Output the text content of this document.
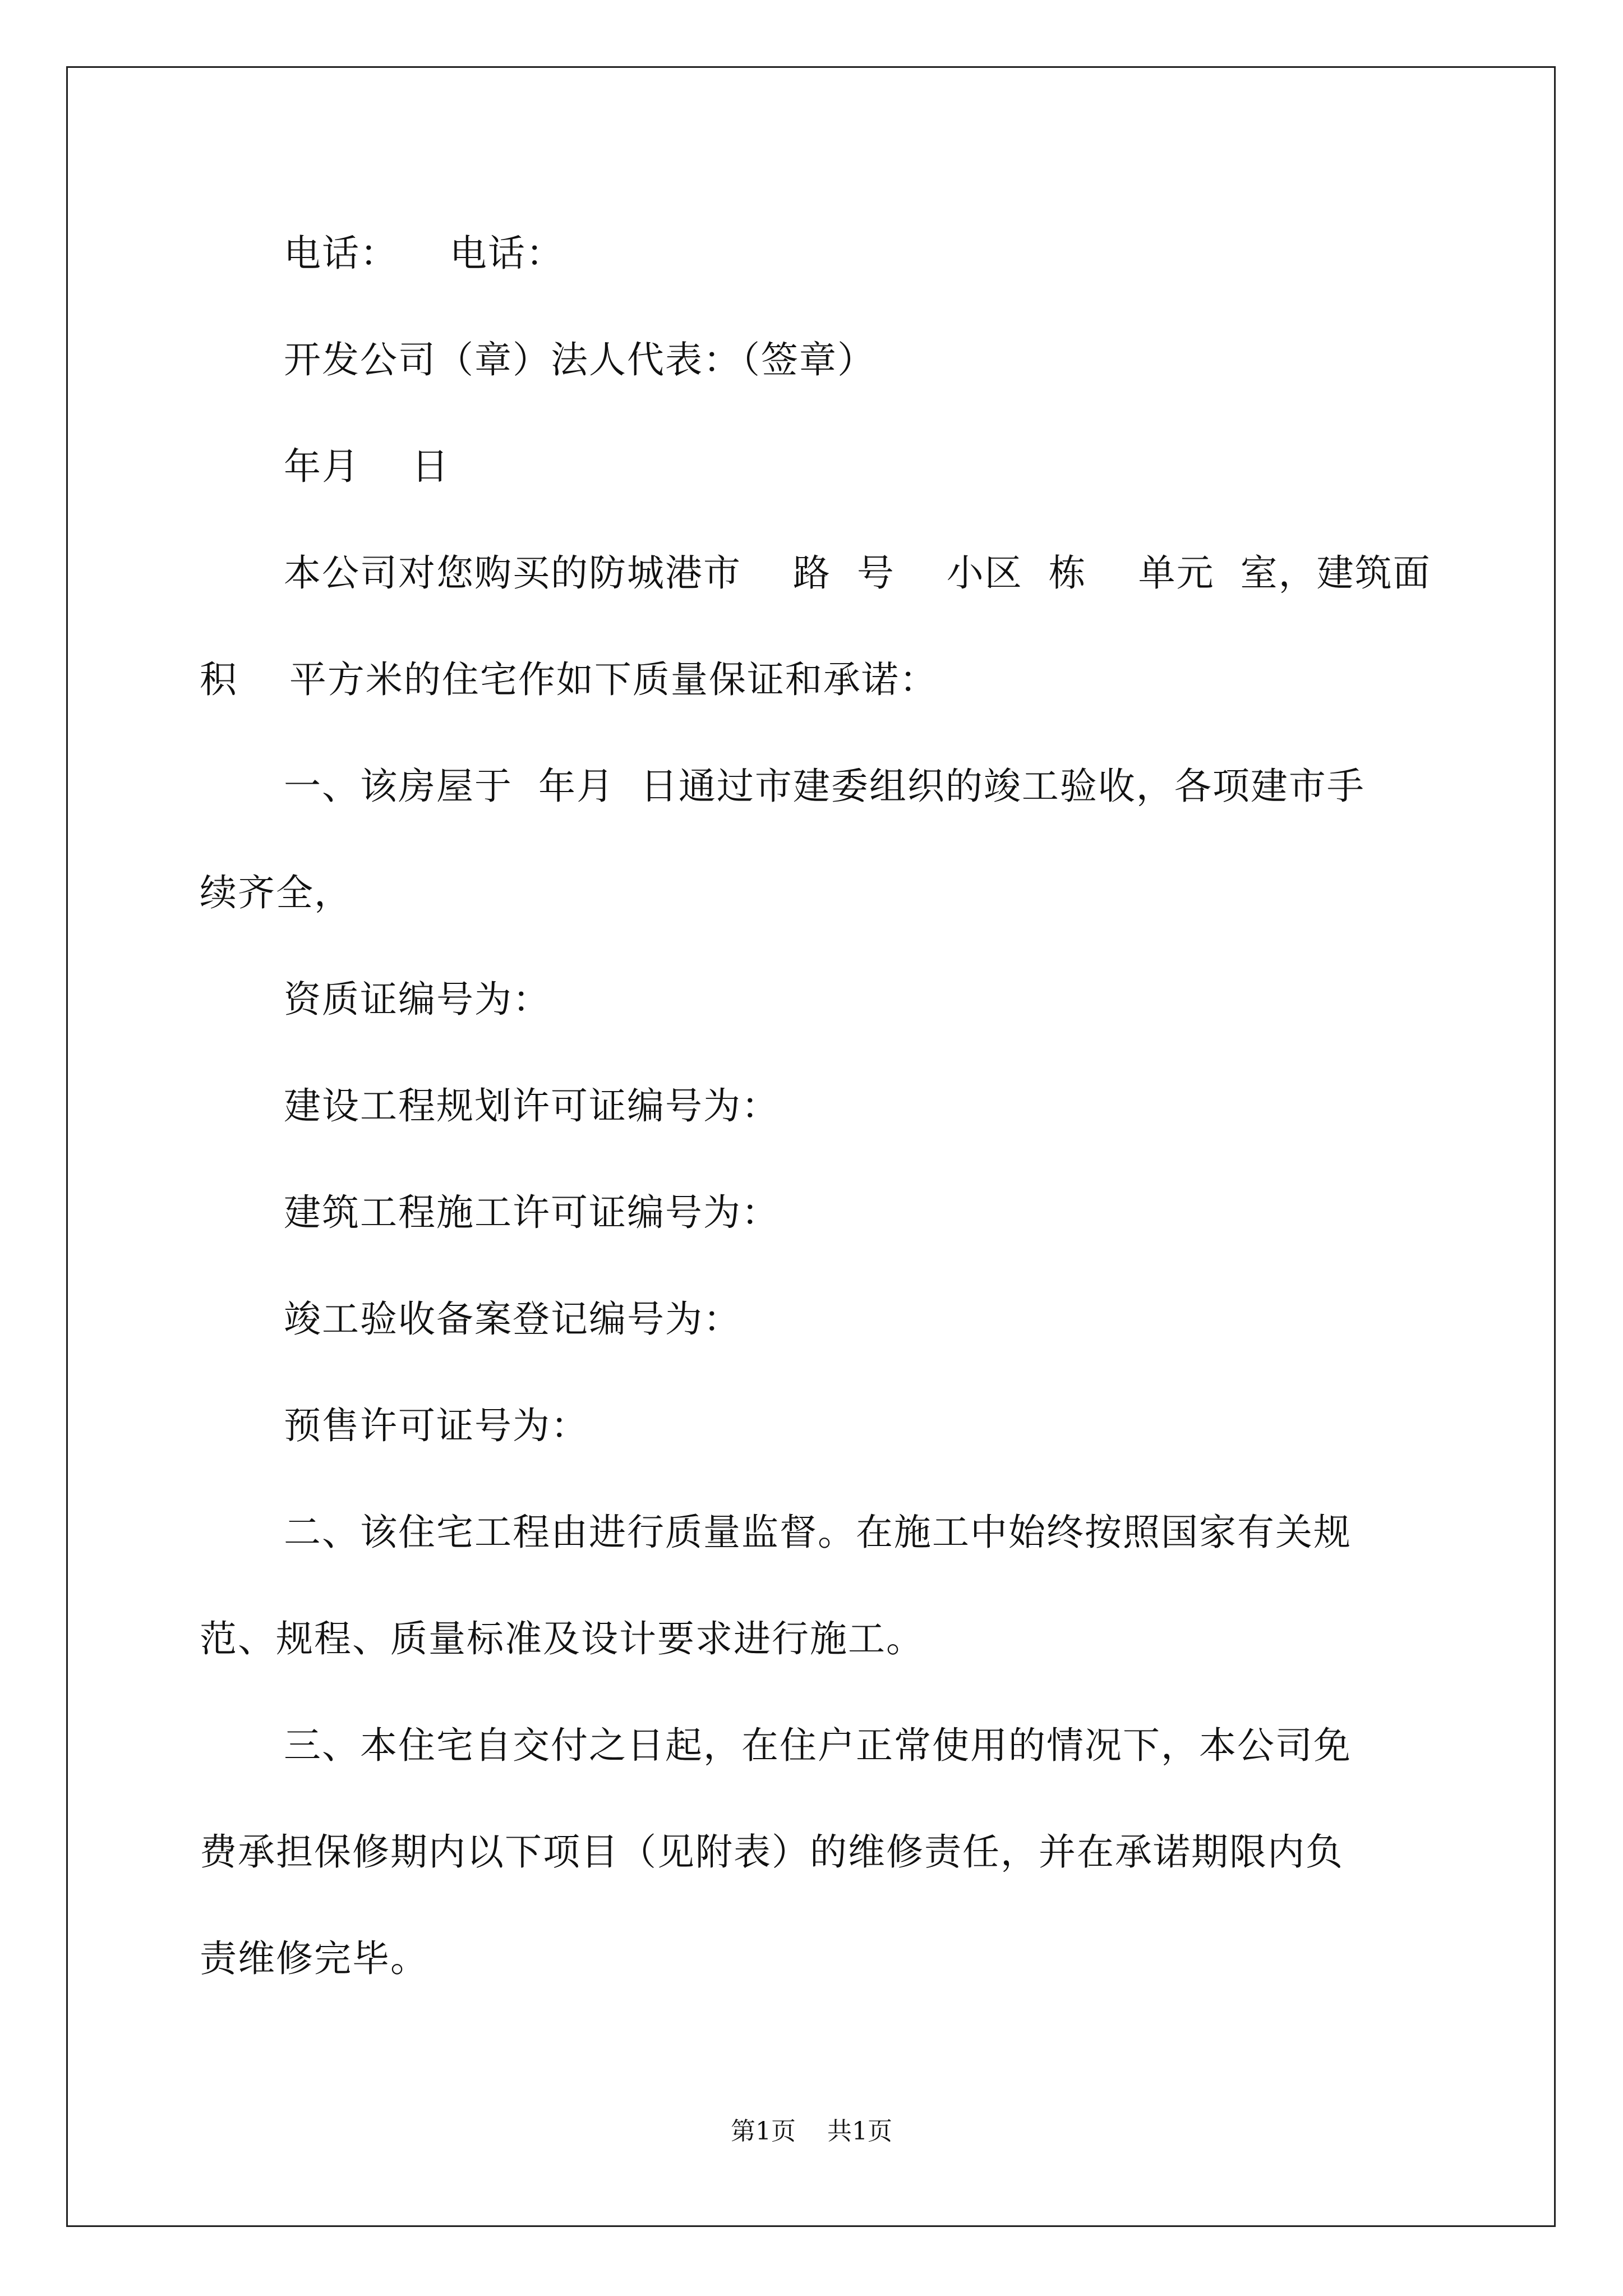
电话：    电话：
开发公司（章）法人代表：（签章）
年月    日
本公司对您购买的防城港市    路  号    小区  栋    单元  室，建筑面
积    平方米的住宅作如下质量保证和承诺：
一、该房屋于  年月  日通过市建委组织的竣工验收，各项建市手
续齐全，
资质证编号为：
建设工程规划许可证编号为：
建筑工程施工许可证编号为：
竣工验收备案登记编号为：
预售许可证号为：
二、该住宅工程由进行质量监督。在施工中始终按照国家有关规
范、规程、质量标准及设计要求进行施工。
三、本住宅自交付之日起，在住户正常使用的情况下，本公司免
费承担保修期内以下项目（见附表）的维修责任，并在承诺期限内负
责维修完毕。
第1页    共1页
